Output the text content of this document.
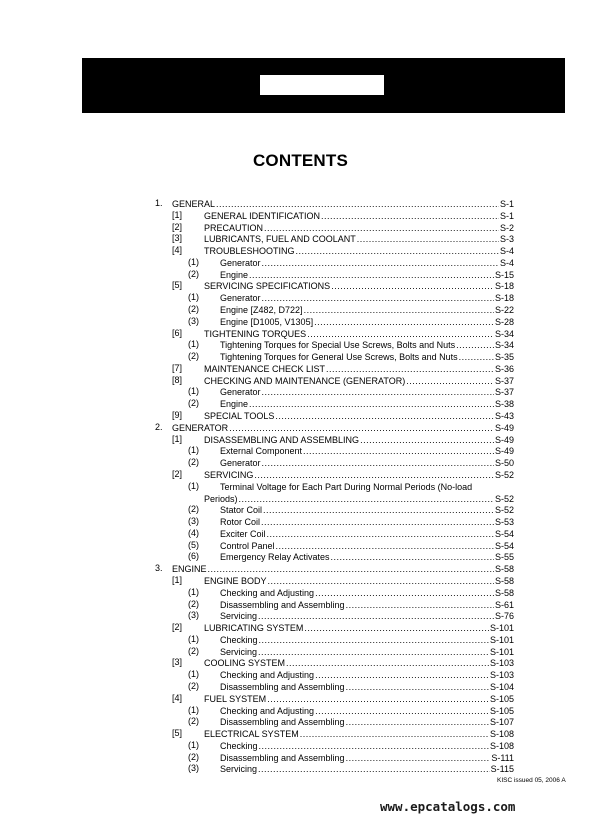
CONTENTS
1. GENERAL .....	S-1
[1] GENERAL IDENTIFICATION .....	S-1
[2] PRECAUTION .....	S-2
[3] LUBRICANTS, FUEL AND COOLANT .....	S-3
[4] TROUBLESHOOTING .....	S-4
(1) Generator .....	S-4
(2) Engine .....	S-15
[5] SERVICING SPECIFICATIONS .....	S-18
(1) Generator .....	S-18
(2) Engine [Z482, D722] .....	S-22
(3) Engine [D1005, V1305] .....	S-28
[6] TIGHTENING TORQUES .....	S-34
(1) Tightening Torques for Special Use Screws, Bolts and Nuts .....	S-34
(2) Tightening Torques for General Use Screws, Bolts and Nuts .....	S-35
[7] MAINTENANCE CHECK LIST .....	S-36
[8] CHECKING AND MAINTENANCE (GENERATOR) .....	S-37
(1) Generator .....	S-37
(2) Engine .....	S-38
[9] SPECIAL TOOLS .....	S-43
2. GENERATOR .....	S-49
[1] DISASSEMBLING AND ASSEMBLING .....	S-49
(1) External Component .....	S-49
(2) Generator .....	S-50
[2] SERVICING .....	S-52
(1) Terminal Voltage for Each Part During Normal Periods (No-load
Periods) .....	S-52
(2) Stator Coil .....	S-52
(3) Rotor Coil .....	S-53
(4) Exciter Coil .....	S-54
(5) Control Panel .....	S-54
(6) Emergency Relay Activates .....	S-55
3. ENGINE .....	S-58
[1] ENGINE BODY .....	S-58
(1) Checking and Adjusting .....	S-58
(2) Disassembling and Assembling .....	S-61
(3) Servicing .....	S-76
[2] LUBRICATING SYSTEM .....	S-101
(1) Checking .....	S-101
(2) Servicing .....	S-101
[3] COOLING SYSTEM .....	S-103
(1) Checking and Adjusting .....	S-103
(2) Disassembling and Assembling .....	S-104
[4] FUEL SYSTEM .....	S-105
(1) Checking and Adjusting .....	S-105
(2) Disassembling and Assembling .....	S-107
[5] ELECTRICAL SYSTEM .....	S-108
(1) Checking .....	S-108
(2) Disassembling and Assembling .....	S-111
(3) Servicing .....	S-115
KISC issued 05, 2006 A
www.epcatalogs.com
